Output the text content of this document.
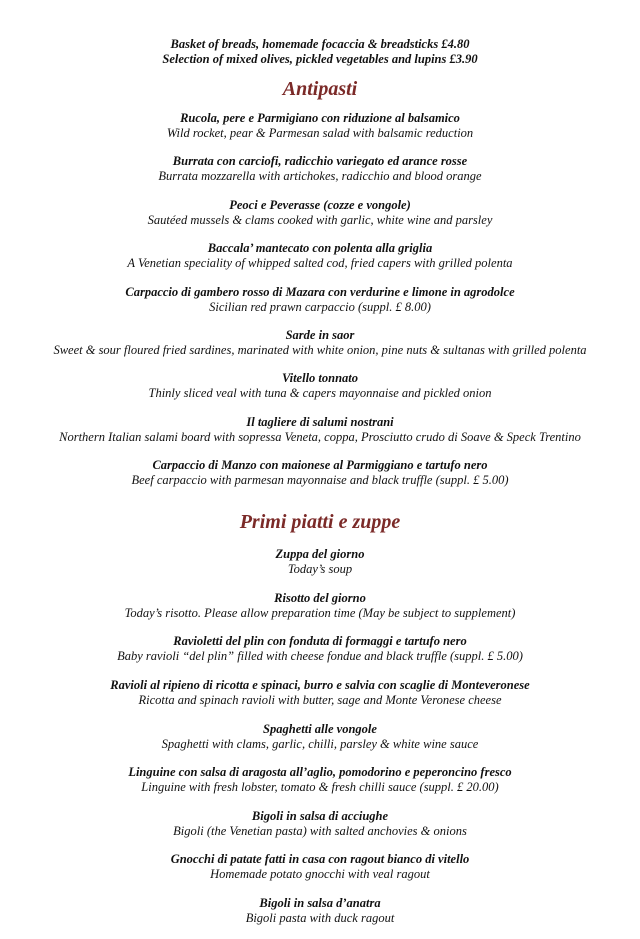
Basket of breads, homemade focaccia & breadsticks £4.80

Selection of mixed olives, pickled vegetables and lupins £3.90

Antipasti
Rucola, pere e Parmigiano con riduzione al balsamico
Wild rocket, pear & Parmesan salad with balsamic reduction
Burrata con carciofi, radicchio variegato ed arance rosse
Burrata mozzarella with artichokes, radicchio and blood orange
Peoci e Peverasse (cozze e vongole)
Sautéed mussels & clams cooked with garlic, white wine and parsley
Baccala’ mantecato con polenta alla griglia
A Venetian speciality of whipped salted cod, fried capers with grilled polenta
Carpaccio di gambero rosso di Mazara con verdurine e limone in agrodolce
Sicilian red prawn carpaccio (suppl. £ 8.00)
Sarde in saor
Sweet & sour floured fried sardines, marinated with white onion, pine nuts & sultanas with grilled polenta
Vitello tonnato
Thinly sliced veal with tuna & capers mayonnaise and pickled onion
Il tagliere di salumi nostrani
Northern Italian salami board with sopressa Veneta, coppa, Prosciutto crudo di Soave & Speck Trentino
Carpaccio di Manzo con maionese al Parmiggiano e tartufo nero
Beef carpaccio with parmesan mayonnaise and black truffle (suppl. £ 5.00)
Primi piatti e zuppe
Zuppa del giorno
Today’s soup
Risotto del giorno
Today’s risotto. Please allow preparation time (May be subject to supplement)
Ravioletti del plin con fonduta di formaggi e tartufo nero
Baby ravioli “del plin” filled with cheese fondue and black truffle (suppl. £ 5.00)
Ravioli al ripieno di ricotta e spinaci, burro e salvia con scaglie di Monteveronese
Ricotta and spinach ravioli with butter, sage and Monte Veronese cheese
Spaghetti alle vongole
Spaghetti with clams, garlic, chilli, parsley & white wine sauce
Linguine con salsa di aragosta all’aglio, pomodorino e peperoncino fresco
Linguine with fresh lobster, tomato & fresh chilli sauce (suppl. £ 20.00)
Bigoli in salsa di acciughe
Bigoli (the Venetian pasta) with salted anchovies & onions
Gnocchi di patate fatti in casa con ragout bianco di vitello
Homemade potato gnocchi with veal ragout
Bigoli in salsa d’anatra
Bigoli pasta with duck ragout
